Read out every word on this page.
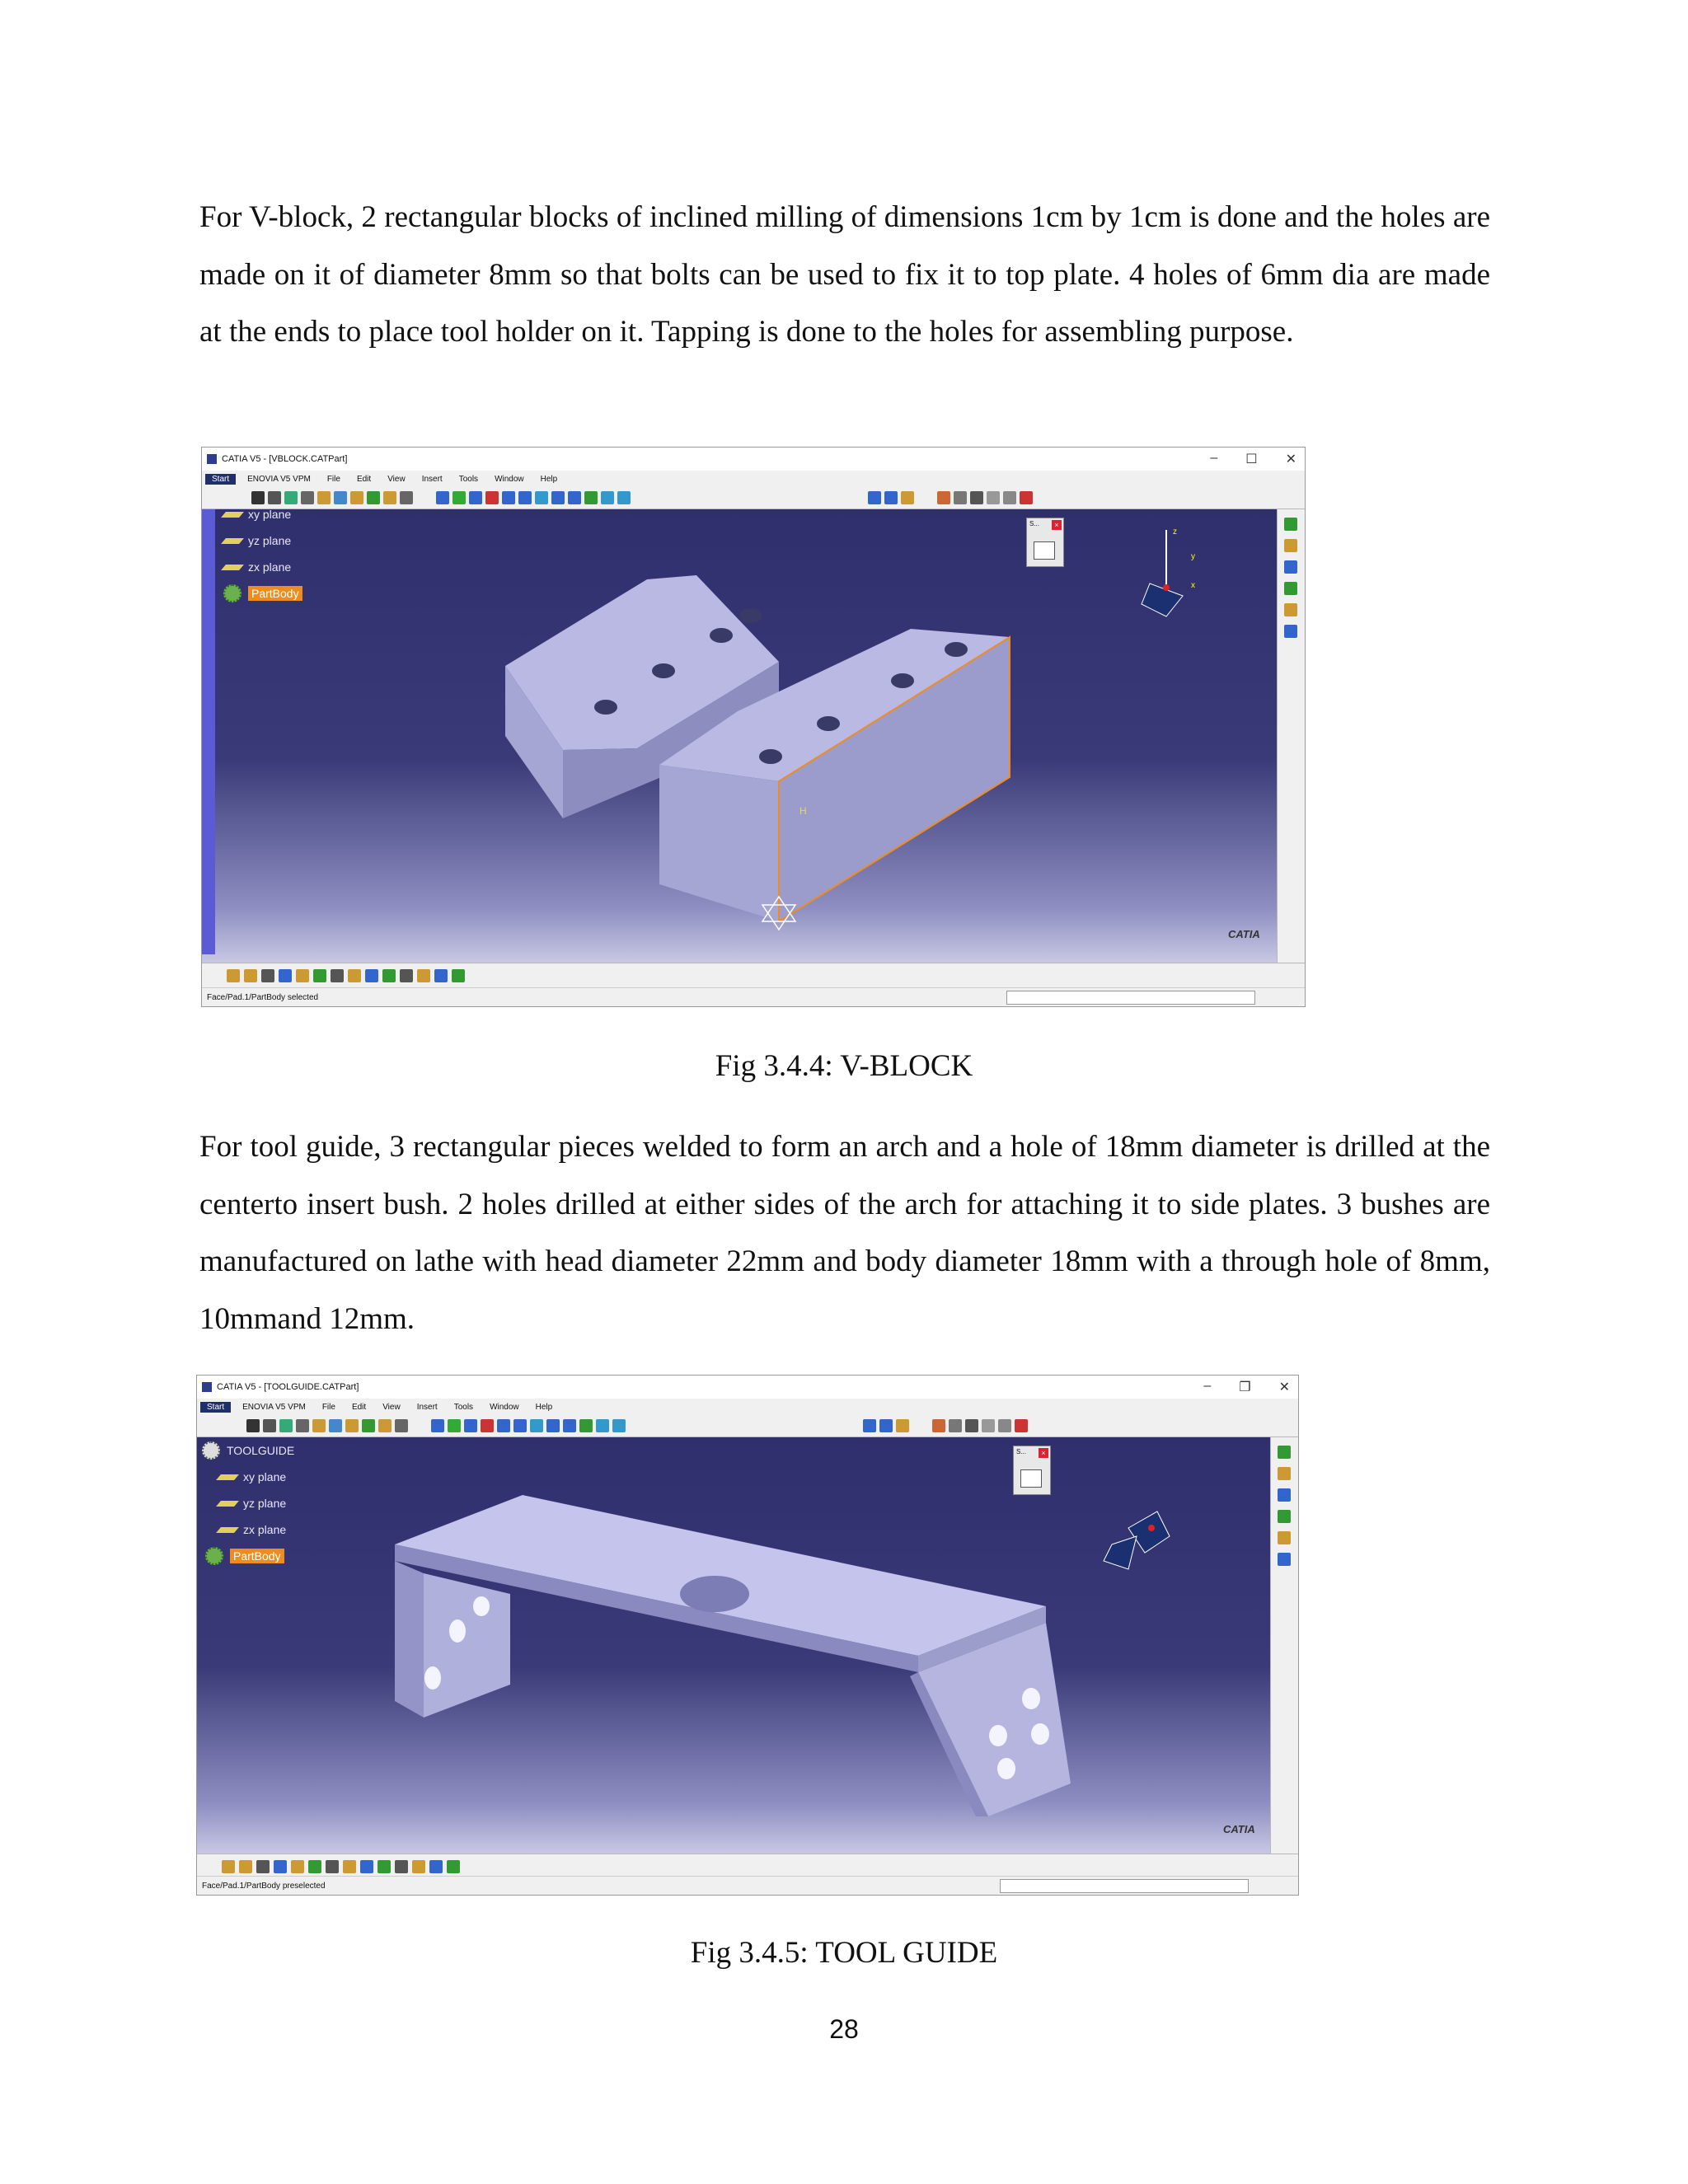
For V-block, 2 rectangular blocks of inclined milling of dimensions 1cm by 1cm is done and the holes are made on it of diameter 8mm so that bolts can be used to fix it to top plate. 4 holes of 6mm dia are made at the ends to place tool holder on it. Tapping is done to the holes for assembling purpose.

CATIA V5 - [VBLOCK.CATPart]	– ☐ ✕
Start	ENOVIA V5 VPM File Edit View Insert Tools Window Help
xy plane
yz plane
zx plane
PartBody
H
z
y
x
CATIA
S...	×
Face/Pad.1/PartBody selected
Fig 3.4.4: V-BLOCK

For tool guide, 3 rectangular pieces welded to form an arch and a hole of 18mm diameter is drilled at the centerto insert bush. 2 holes drilled at either sides of the arch for attaching it to side plates. 3 bushes are manufactured on lathe with head diameter 22mm and body diameter 18mm with a through hole of 8mm, 10mmand 12mm.

CATIA V5 - [TOOLGUIDE.CATPart]	– ❐ ✕
Start	ENOVIA V5 VPM File Edit View Insert Tools Window Help
TOOLGUIDE
xy plane
yz plane
zx plane
PartBody
CATIA
S...	×
Face/Pad.1/PartBody preselected
Fig 3.4.5: TOOL GUIDE
28
